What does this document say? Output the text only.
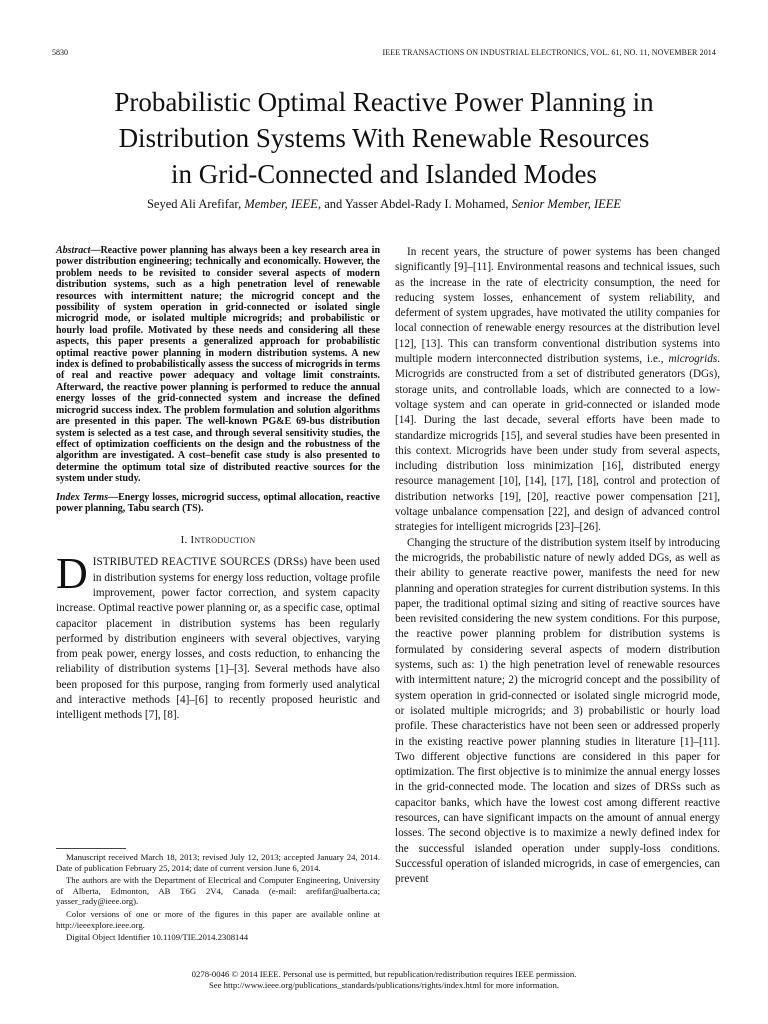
5830	IEEE TRANSACTIONS ON INDUSTRIAL ELECTRONICS, VOL. 61, NO. 11, NOVEMBER 2014
Probabilistic Optimal Reactive Power Planning in
Distribution Systems With Renewable Resources
in Grid-Connected and Islanded Modes
Seyed Ali Arefifar, Member, IEEE, and Yasser Abdel-Rady I. Mohamed, Senior Member, IEEE

Abstract—Reactive power planning has always been a key research area in power distribution engineering; technically and economically. However, the problem needs to be revisited to consider several aspects of modern distribution systems, such as a high penetration level of renewable resources with intermittent nature; the microgrid concept and the possibility of system operation in grid-connected or isolated single microgrid mode, or isolated multiple microgrids; and probabilistic or hourly load profile. Motivated by these needs and considering all these aspects, this paper presents a generalized approach for probabilistic optimal reactive power planning in modern distribution systems. A new index is defined to probabilistically assess the success of microgrids in terms of real and reactive power adequacy and voltage limit constraints. Afterward, the reactive power planning is performed to reduce the annual energy losses of the grid-connected system and increase the defined microgrid success index. The problem formulation and solution algorithms are presented in this paper. The well-known PG&E 69-bus distribution system is selected as a test case, and through several sensitivity studies, the effect of optimization coefficients on the design and the robustness of the algorithm are investigated. A cost–benefit case study is also presented to determine the optimum total size of distributed reactive sources for the system under study.

Index Terms—Energy losses, microgrid success, optimal allocation, reactive power planning, Tabu search (TS).

I. Introduction

DISTRIBUTED REACTIVE SOURCES (DRSs) have been used in distribution systems for energy loss reduction, voltage profile improvement, power factor correction, and system capacity increase. Optimal reactive power planning or, as a specific case, optimal capacitor placement in distribution systems has been regularly performed by distribution engineers with several objectives, varying from peak power, energy losses, and costs reduction, to enhancing the reliability of distribution systems [1]–[3]. Several methods have also been proposed for this purpose, ranging from formerly used analytical and interactive methods [4]–[6] to recently proposed heuristic and intelligent methods [7], [8].

Manuscript received March 18, 2013; revised July 12, 2013; accepted January 24, 2014. Date of publication February 25, 2014; date of current version June 6, 2014.

The authors are with the Department of Electrical and Computer Engineering, University of Alberta, Edmonton, AB T6G 2V4, Canada (e-mail: arefifar@ualberta.ca; yasser_rady@ieee.org).

Color versions of one or more of the figures in this paper are available online at http://ieeexplore.ieee.org.

Digital Object Identifier 10.1109/TIE.2014.2308144

In recent years, the structure of power systems has been changed significantly [9]–[11]. Environmental reasons and technical issues, such as the increase in the rate of electricity consumption, the need for reducing system losses, enhancement of system reliability, and deferment of system upgrades, have motivated the utility companies for local connection of renewable energy resources at the distribution level [12], [13]. This can transform conventional distribution systems into multiple modern interconnected distribution systems, i.e., microgrids. Microgrids are constructed from a set of distributed generators (DGs), storage units, and controllable loads, which are connected to a low-voltage system and can operate in grid-connected or islanded mode [14]. During the last decade, several efforts have been made to standardize microgrids [15], and several studies have been presented in this context. Microgrids have been under study from several aspects, including distribution loss minimization [16], distributed energy resource management [10], [14], [17], [18], control and protection of distribution networks [19], [20], reactive power compensation [21], voltage unbalance compensation [22], and design of advanced control strategies for intelligent microgrids [23]–[26].

Changing the structure of the distribution system itself by introducing the microgrids, the probabilistic nature of newly added DGs, as well as their ability to generate reactive power, manifests the need for new planning and operation strategies for current distribution systems. In this paper, the traditional optimal sizing and siting of reactive sources have been revisited considering the new system conditions. For this purpose, the reactive power planning problem for distribution systems is formulated by considering several aspects of modern distribution systems, such as: 1) the high penetration level of renewable resources with intermittent nature; 2) the microgrid concept and the possibility of system operation in grid-connected or isolated single microgrid mode, or isolated multiple microgrids; and 3) probabilistic or hourly load profile. These characteristics have not been seen or addressed properly in the existing reactive power planning studies in literature [1]–[11]. Two different objective functions are considered in this paper for optimization. The first objective is to minimize the annual energy losses in the grid-connected mode. The location and sizes of DRSs such as capacitor banks, which have the lowest cost among different reactive resources, can have significant impacts on the amount of annual energy losses. The second objective is to maximize a newly defined index for the successful islanded operation under supply-loss conditions. Successful operation of islanded microgrids, in case of emergencies, can prevent

0278-0046 © 2014 IEEE. Personal use is permitted, but republication/redistribution requires IEEE permission.
See http://www.ieee.org/publications_standards/publications/rights/index.html for more information.
